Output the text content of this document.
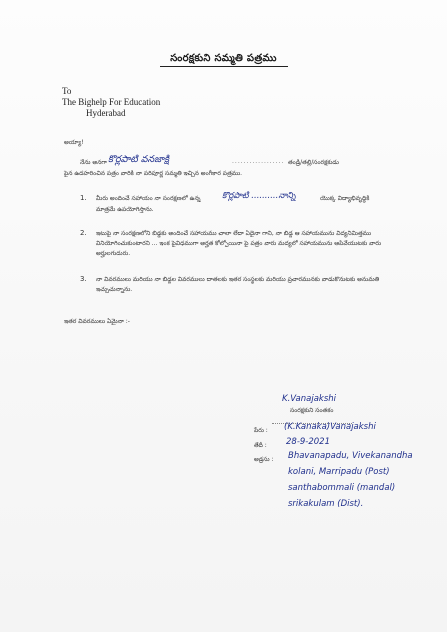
సంరక్షకుని సమ్మతి పత్రము
To
The Bighelp For Education
Hyderabad
అయ్యా!
నేను అనగా కొర్లపాటి వనజాక్షి	.................. తండ్రి/తల్లి/సంరక్షకుడు
పైన ఉదహరించిన పత్రం వారికి నా పరిపూర్ణ సమ్మతి ఇచ్చిన అంగీకార పత్రము.
1. మీరు అందించే సహాయం నా సంరక్షణలో ఉన్న	కొర్లపాటి ..........నాన్ని	యొక్క విద్యాభివృద్ధికి
మాత్రమే ఉపయోగిస్తాను.
2. ఇటుపై నా సంరక్షణలోని బిడ్డకు అందించే సహాయము చాలా లేదా ఏదైనా గాని, నా బిడ్డ ఆ సహాయమును విద్యనిమిత్తము వినియోగించుకుంటారని ... ఇంక పైవిధముగా అర్హత కోల్పోయినా పై పత్రం వారు మద్యలో సహాయమును ఆపివేయుటకు వారు అర్హులగుదురు.
3. నా వివరములు మరియు నా బిడ్డల వివరములు దాతలకు ఇతర సంస్థలకు మరియు ప్రచారమునకు వాడుకొనుటకు అనుమతి ఇచ్చుచున్నాను.
ఇతర వివరములు ఏమైనా :-
K.Vanajakshi
సంరక్షకుని సంతకం
పేరు : (K.Kanaka)Vanajakshi
తేదీ : 28-9-2021
అడ్రసు : Bhavanapadu, Vivekanandha
kolani, Marripadu (Post)
santhabommali (mandal)
srikakulam (Dist).
